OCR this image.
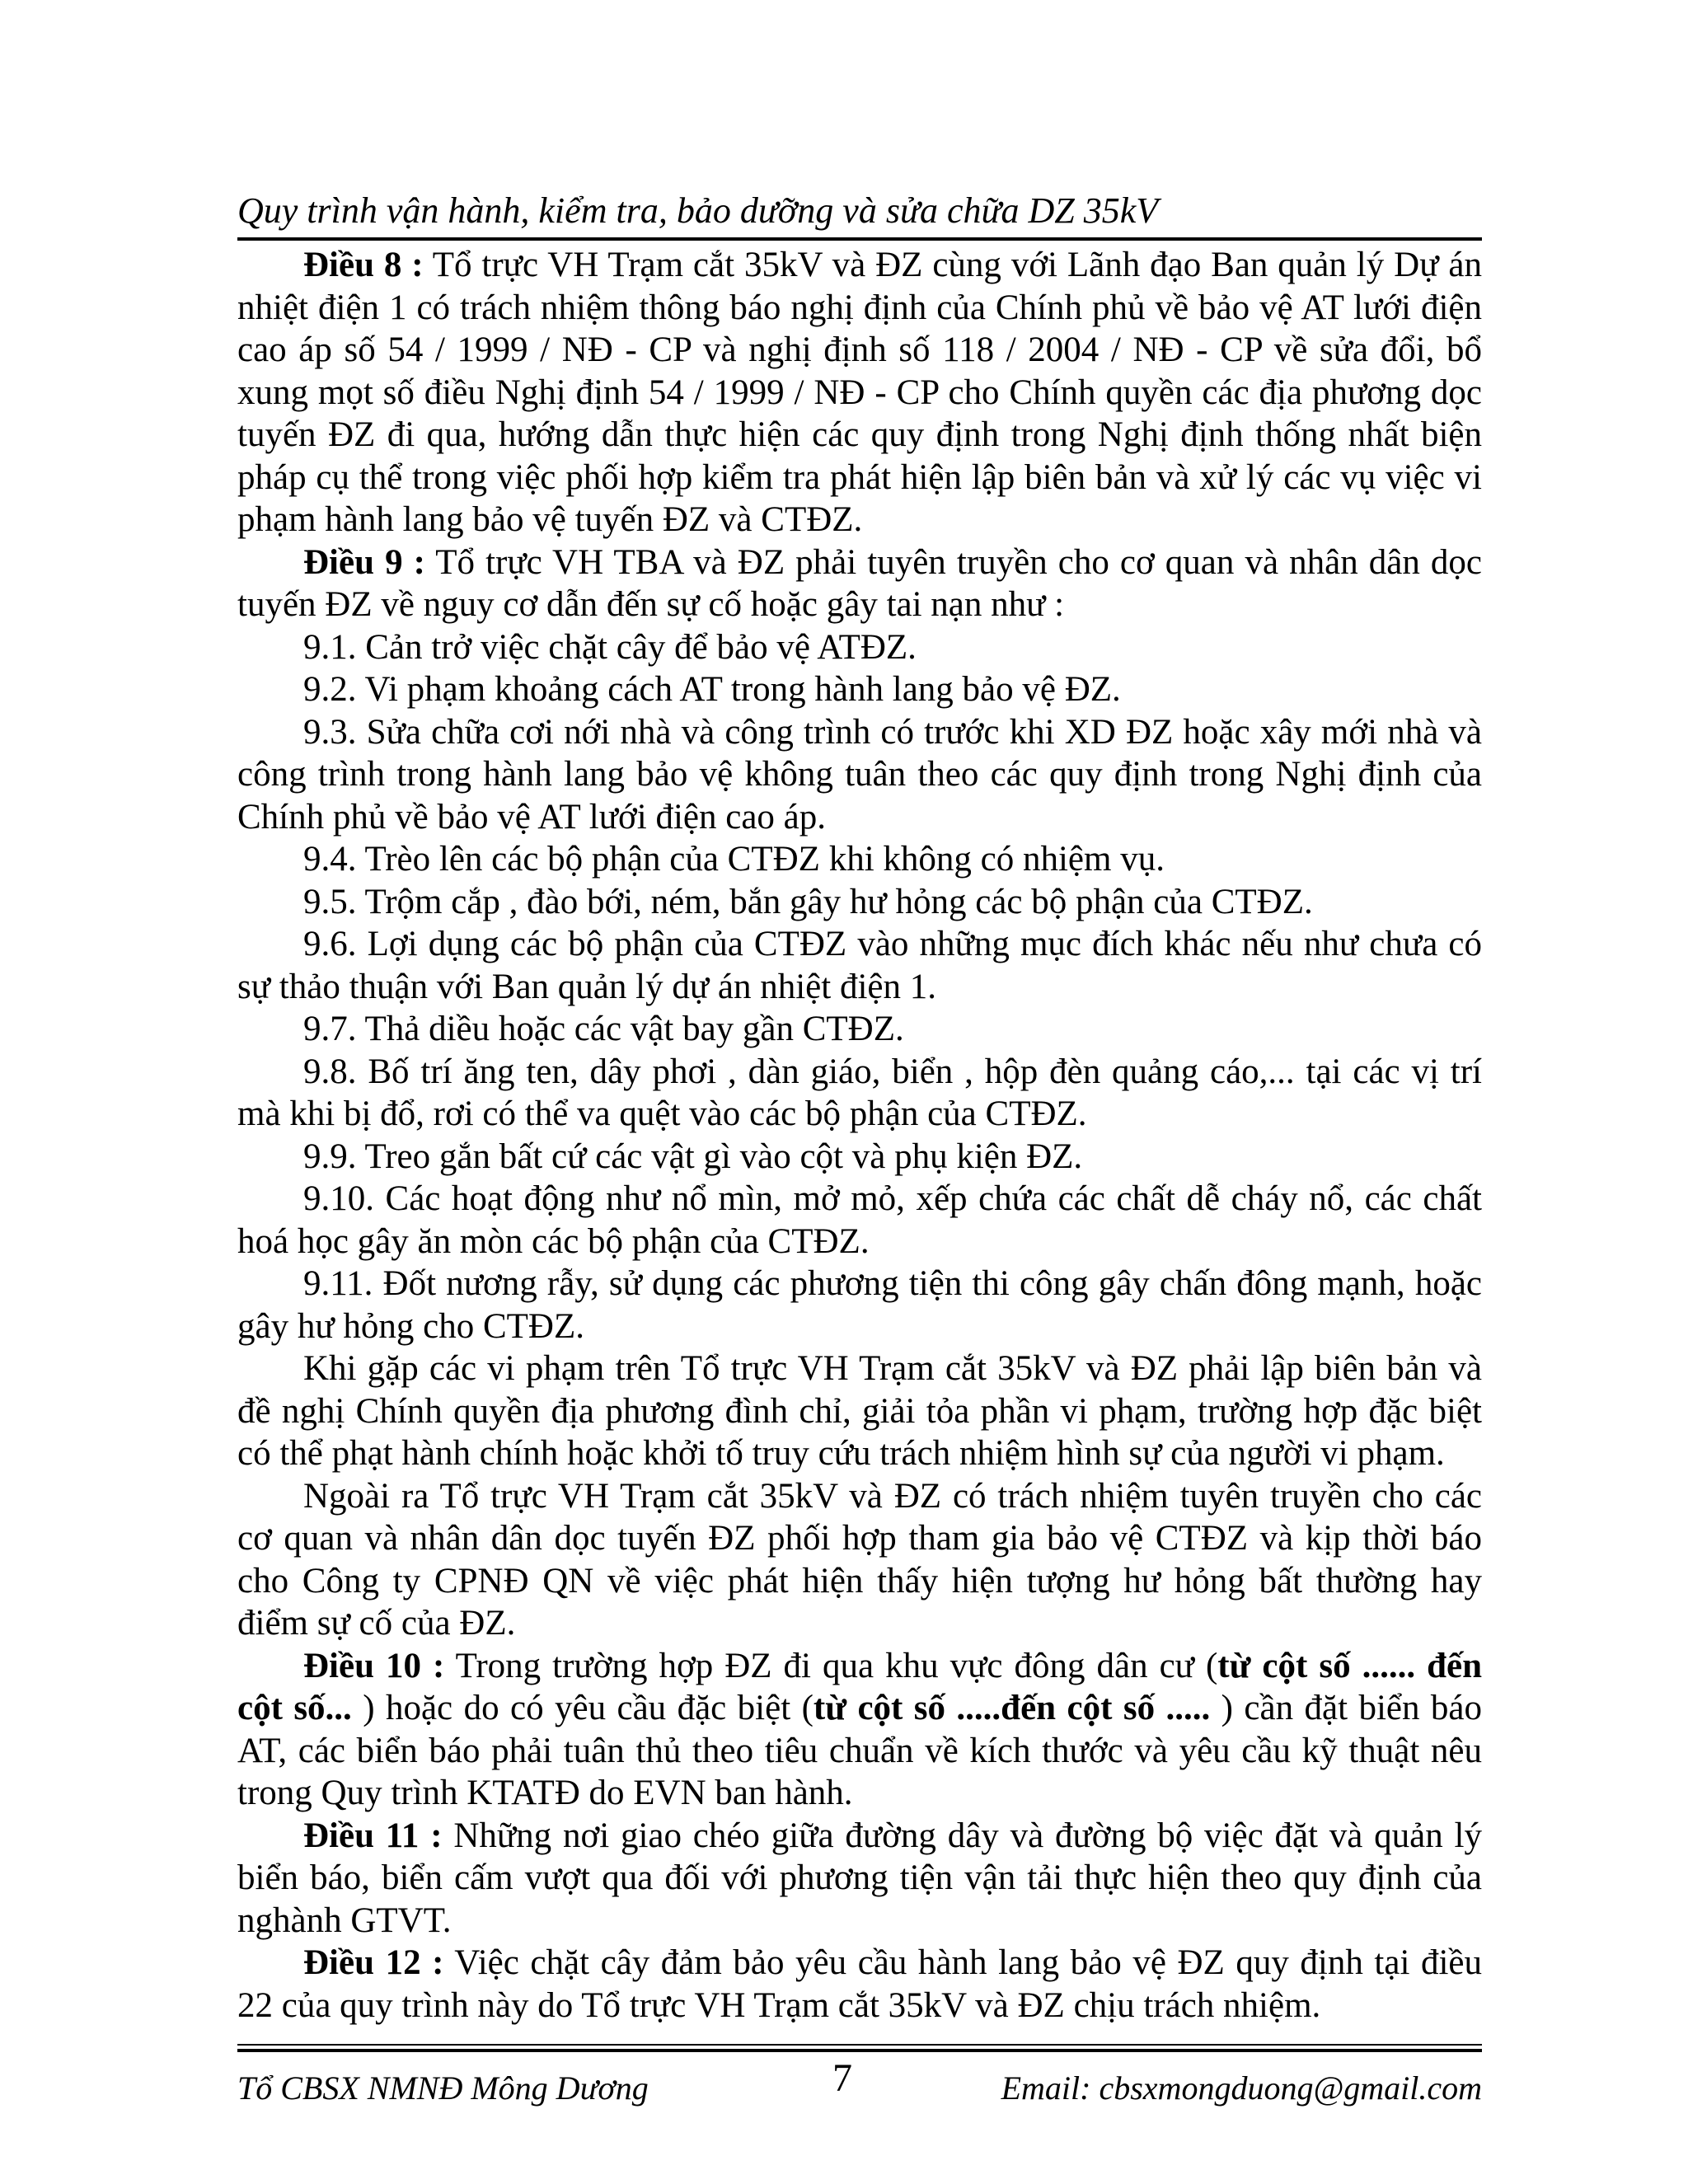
Quy trình vận hành, kiểm tra, bảo dưỡng và sửa chữa DZ 35kV

Điều 8 : Tổ trực VH Trạm cắt 35kV và ĐZ cùng với Lãnh đạo Ban quản lý Dự án nhiệt điện 1 có trách nhiệm thông báo nghị định của Chính phủ về bảo vệ AT lưới điện cao áp số 54 / 1999 / NĐ - CP và nghị định số 118 / 2004 / NĐ - CP về sửa đổi, bổ xung mọt số điều Nghị định 54 / 1999 / NĐ - CP cho Chính quyền các địa phương dọc tuyến ĐZ đi qua, hướng dẫn thực hiện các quy định trong Nghị định thống nhất biện pháp cụ thể trong việc phối hợp kiểm tra phát hiện lập biên bản và xử lý các vụ việc vi phạm hành lang bảo vệ tuyến ĐZ và CTĐZ.

Điều 9 : Tổ trực VH TBA và ĐZ phải tuyên truyền cho cơ quan và nhân dân dọc tuyến ĐZ về nguy cơ dẫn đến sự cố hoặc gây tai nạn như :

9.1. Cản trở việc chặt cây để bảo vệ ATĐZ.

9.2. Vi phạm khoảng cách AT trong hành lang bảo vệ ĐZ.

9.3. Sửa chữa cơi nới nhà và công trình có trước khi XD ĐZ hoặc xây mới nhà và công trình trong hành lang bảo vệ không tuân theo các quy định trong Nghị định của Chính phủ về bảo vệ AT lưới điện cao áp.

9.4. Trèo lên các bộ phận của CTĐZ khi không có nhiệm vụ.

9.5. Trộm cắp , đào bới, ném, bắn gây hư hỏng các bộ phận của CTĐZ.

9.6. Lợi dụng các bộ phận của CTĐZ vào những mục đích khác nếu như chưa có sự thảo thuận với Ban quản lý dự án nhiệt điện 1.

9.7. Thả diều hoặc các vật bay gần CTĐZ.

9.8. Bố trí ăng ten, dây phơi , dàn giáo, biển , hộp đèn quảng cáo,... tại các vị trí mà khi bị đổ, rơi có thể va quệt vào các bộ phận của CTĐZ.

9.9. Treo gắn bất cứ các vật gì vào cột và phụ kiện ĐZ.

9.10. Các hoạt động như nổ mìn, mở mỏ, xếp chứa các chất dễ cháy nổ, các chất hoá học gây ăn mòn các bộ phận của CTĐZ.

9.11. Đốt nương rẫy, sử dụng các phương tiện thi công gây chấn đông mạnh, hoặc gây hư hỏng cho CTĐZ.

Khi gặp các vi phạm trên Tổ trực VH Trạm cắt 35kV và ĐZ phải lập biên bản và đề nghị Chính quyền địa phương đình chỉ, giải tỏa phần vi phạm, trường hợp đặc biệt có thể phạt hành chính hoặc khởi tố truy cứu trách nhiệm hình sự của người vi phạm.

Ngoài ra Tổ trực VH Trạm cắt 35kV và ĐZ có trách nhiệm tuyên truyền cho các cơ quan và nhân dân dọc tuyến ĐZ phối hợp tham gia bảo vệ CTĐZ và kịp thời báo cho Công ty CPNĐ QN về việc phát hiện thấy hiện tượng hư hỏng bất thường hay điểm sự cố của ĐZ.

Điều 10 : Trong trường hợp ĐZ đi qua khu vực đông dân cư (từ cột số ...... đến cột số... ) hoặc do có yêu cầu đặc biệt (từ cột số .....đến cột số ..... ) cần đặt biển báo AT, các biển báo phải tuân thủ theo tiêu chuẩn về kích thước và yêu cầu kỹ thuật nêu trong Quy trình KTATĐ do EVN ban hành.

Điều 11 : Những nơi giao chéo giữa đường dây và đường bộ việc đặt và quản lý biển báo, biển cấm vượt qua đối với phương tiện vận tải thực hiện theo quy định của nghành GTVT.

Điều 12 : Việc chặt cây đảm bảo yêu cầu hành lang bảo vệ ĐZ quy định tại điều 22 của quy trình này do Tổ trực VH Trạm cắt 35kV và ĐZ chịu trách nhiệm.

Tổ CBSX NMNĐ Mông Dương	7	Email: cbsxmongduong@gmail.com
